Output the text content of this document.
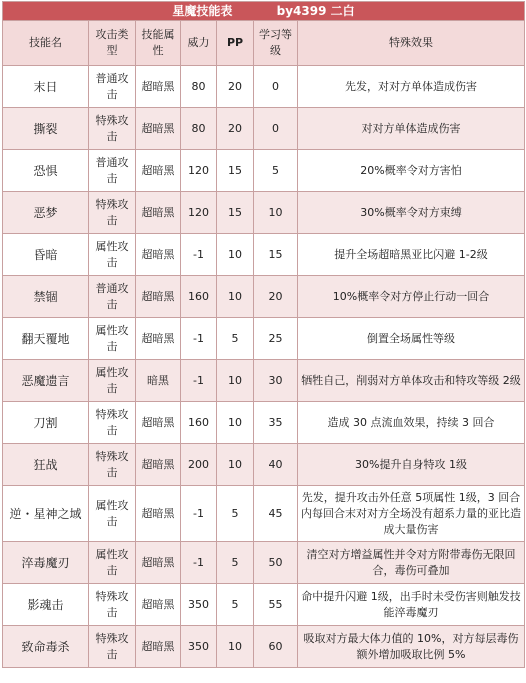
星魔技能表 by4399 二白						
技能名	攻击类型	技能属性	威力	PP	学习等级	特殊效果
末日	普通攻击	超暗黑	80	20	0	先发，对对方单体造成伤害
撕裂	特殊攻击	超暗黑	80	20	0	对对方单体造成伤害
恐惧	普通攻击	超暗黑	120	15	5	20%概率令对方害怕
恶梦	特殊攻击	超暗黑	120	15	10	30%概率令对方束缚
昏暗	属性攻击	超暗黑	-1	10	15	提升全场超暗黑亚比闪避 1-2级
禁锢	普通攻击	超暗黑	160	10	20	10%概率令对方停止行动一回合
翻天覆地	属性攻击	超暗黑	-1	5	25	倒置全场属性等级
恶魔遗言	属性攻击	暗黑	-1	10	30	牺牲自己，削弱对方单体攻击和特攻等级 2级
刀割	特殊攻击	超暗黑	160	10	35	造成 30 点流血效果，持续 3 回合
狂战	特殊攻击	超暗黑	200	10	40	30%提升自身特攻 1级
逆・星神之域	属性攻击	超暗黑	-1	5	45	先发，提升攻击外任意 5项属性 1级，3 回合内每回合末对对方全场没有超系力量的亚比造成大量伤害
淬毒魔刃	属性攻击	超暗黑	-1	5	50	清空对方增益属性并令对方附带毒伤无限回合，毒伤可叠加
影魂击	特殊攻击	超暗黑	350	5	55	命中提升闪避 1级，出手时未受伤害则触发技能淬毒魔刃
致命毒杀	特殊攻击	超暗黑	350	10	60	吸取对方最大体力值的 10%，对方每层毒伤额外增加吸取比例 5%
